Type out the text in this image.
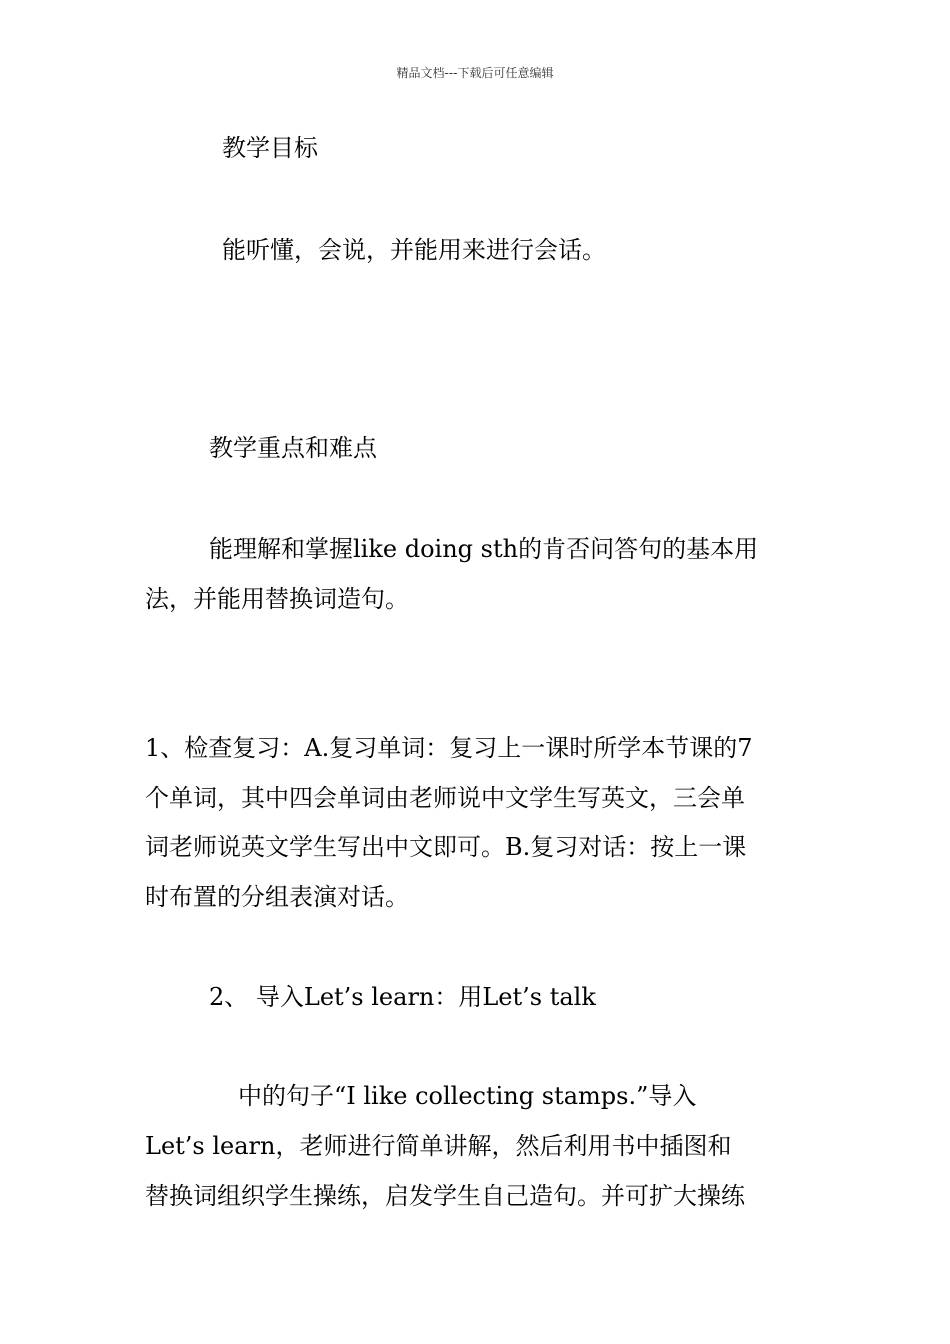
精品文档---下载后可任意编辑
教学目标
能听懂，会说，并能用来进行会话。
教学重点和难点
能理解和掌握like doing sth的肯否问答句的基本用
法，并能用替换词造句。
1、检查复习：A.复习单词：复习上一课时所学本节课的7
个单词，其中四会单词由老师说中文学生写英文，三会单
词老师说英文学生写出中文即可。B.复习对话：按上一课
时布置的分组表演对话。
2、 导入Let’s learn：用Let’s talk
中的句子“I like collecting stamps.”导入
Let’s learn，老师进行简单讲解，然后利用书中插图和
替换词组织学生操练，启发学生自己造句。并可扩大操练
